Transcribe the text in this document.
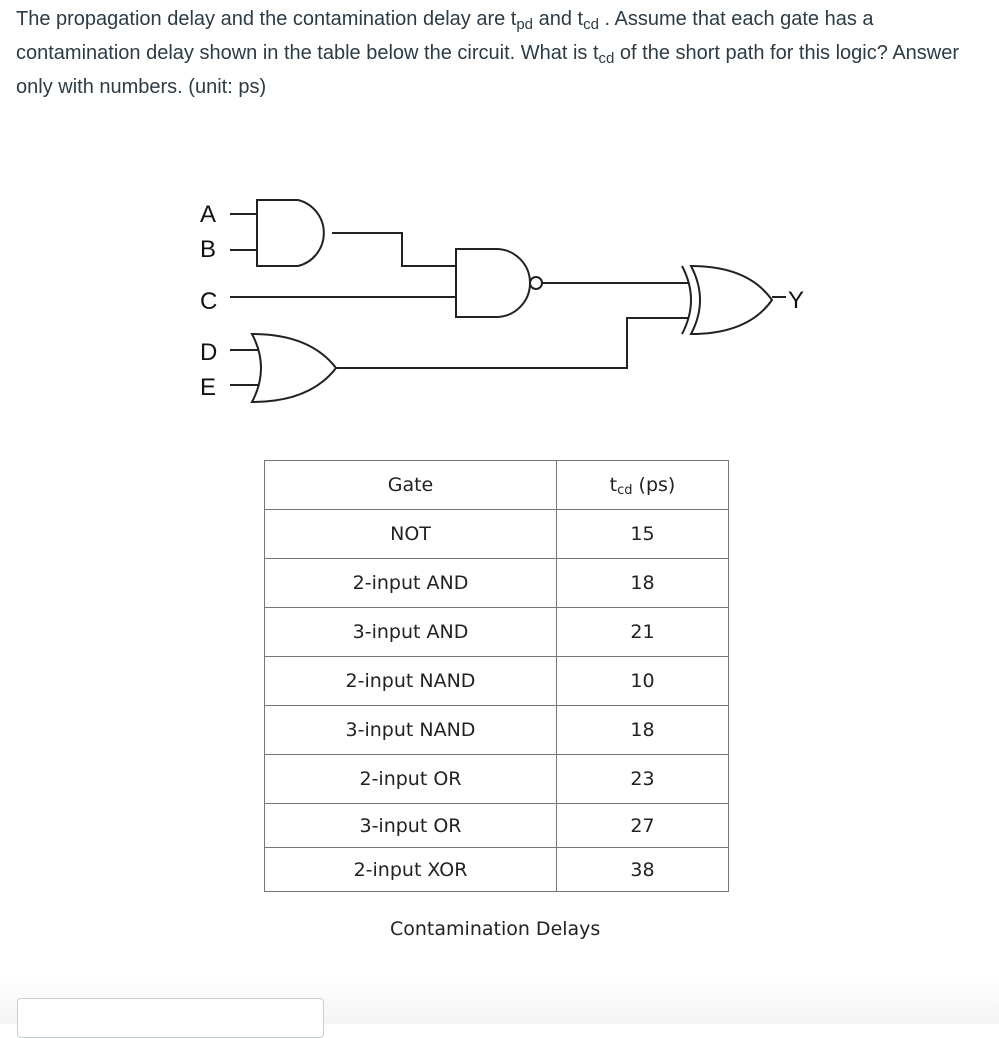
The propagation delay and the contamination delay are $t_{pd}$ and $t_{cd}$ . Assume that each gate has a contamination delay shown in the table below the circuit. What is $t_{cd}$ of the short path for this logic? Answer only with numbers. (unit: ps)

A
B
C
D
E
Y
Gate	$t_{cd}$ (ps)
NOT	15
2-input AND	18
3-input AND	21
2-input NAND	10
3-input NAND	18
2-input OR	23
3-input OR	27
2-input XOR	38
Contamination Delays
